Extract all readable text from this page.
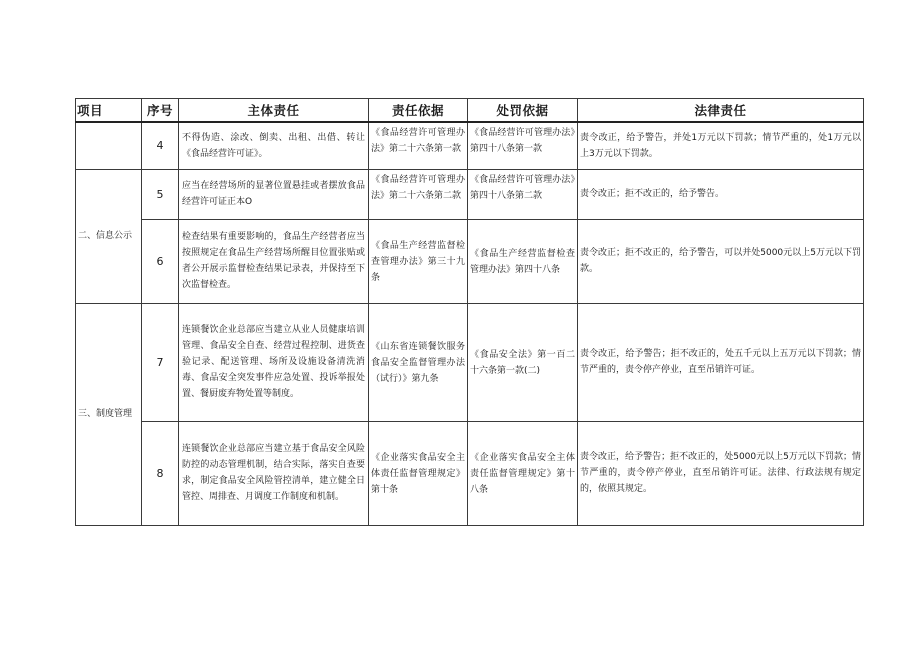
项目	序号	主体责任	责任依据	处罚依据	法律责任
	4	不得伪造、涂改、倒卖、出租、出借、转让《食品经营许可证》。	《食品经营许可管理办法》第二十六条第一款	《食品经营许可管理办法》第四十八条第一款	责令改正，给予警告，并处1万元以下罚款；情节严重的，处1万元以上3万元以下罚款。
二、信息公示	5	应当在经营场所的显著位置悬挂或者摆放食品经营许可证正本O	《食品经营许可管理办法》第二十六条第二款	《食品经营许可管理办法》第四十八条第二款	责令改正；拒不改正的，给予警告。
	6	检查结果有重要影响的，食品生产经营者应当按照规定在食品生产经营场所醒目位置张贴或者公开展示监督检查结果记录表，并保持至下次监督检查。	《食品生产经营监督检查管理办法》第三十九条	《食品生产经营监督检查管理办法》第四十八条	责令改正；拒不改正的，给予警告，可以并处5000元以上5万元以下罚款。
三、制度管理	7	连锁餐饮企业总部应当建立从业人员健康培训管理、食品安全自查、经营过程控制、进货查验记录、配送管理、场所及设施设备清洗消毒、食品安全突发事件应急处置、投诉举报处置、餐厨废弃物处置等制度。	《山东省连锁餐饮服务食品安全监督管理办法（试行）》第九条	《食品安全法》第一百二十六条第一款(二)	责令改正，给予警告；拒不改正的，处五千元以上五万元以下罚款；情节严重的，责令停产停业，直至吊销许可证。
	8	连锁餐饮企业总部应当建立基于食品安全风险防控的动态管理机制，结合实际，落实自查要求，制定食品安全风险管控清单，建立健全日管控、周排查、月调度工作制度和机制。	《企业落实食品安全主体责任监督管理规定》第十条	《企业落实食品安全主体责任监督管理规定》第十八条	责令改正，给予警告；拒不改正的，处5000元以上5万元以下罚款；情节严重的，责令停产停业，直至吊销许可证。法律、行政法规有规定的，依照其规定。
